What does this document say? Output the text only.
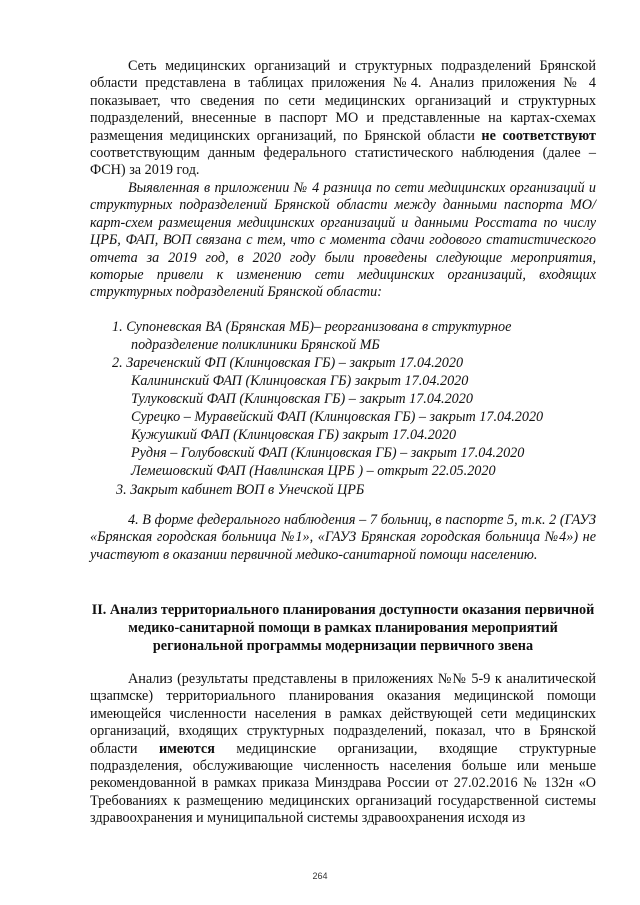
Сеть медицинских организаций и структурных подразделений Брянской области представлена в таблицах приложения №4. Анализ приложения № 4 показывает, что сведения по сети медицинских организаций и структурных подразделений, внесенные в паспорт МО и представленные на картах-схемах размещения медицинских организаций, по Брянской области не соответствуют соответствующим данным федерального статистического наблюдения (далее – ФСН) за 2019 год.

Выявленная в приложении № 4 разница по сети медицинских организаций и структурных подразделений Брянской области между данными паспорта МО/карт-схем размещения медицинских организаций и данными Росстата по числу ЦРБ, ФАП, ВОП связана с тем, что с момента сдачи годового статистического отчета за 2019 год, в 2020 году были проведены следующие мероприятия, которые привели к изменению сети медицинских организаций, входящих структурных подразделений Брянской области:

1. Супоневская ВА (Брянская МБ)– реорганизована в структурное

подразделение поликлиники Брянской МБ

2. Зареченский ФП (Клинцовская ГБ) – закрыт 17.04.2020

Калининский ФАП (Клинцовская ГБ) закрыт 17.04.2020

Тулуковский ФАП (Клинцовская ГБ) – закрыт 17.04.2020

Сурецко – Муравейский ФАП (Клинцовская ГБ) – закрыт 17.04.2020

Кужушкий ФАП (Клинцовская ГБ) закрыт 17.04.2020

Рудня – Голубовский ФАП (Клинцовская ГБ) – закрыт 17.04.2020

Лемешовский ФАП (Навлинская ЦРБ ) – открыт 22.05.2020

3. Закрыт кабинет ВОП в Унечской ЦРБ

4. В форме федерального наблюдения – 7 больниц, в паспорте 5, т.к. 2 (ГАУЗ «Брянская городская больница №1», «ГАУЗ Брянская городская больница №4») не участвуют в оказании первичной медико-санитарной помощи населению.

II. Анализ территориального планирования доступности оказания первичной медико-санитарной помощи в рамках планирования мероприятий региональной программы модернизации первичного звена

Анализ (результаты представлены в приложениях №№ 5-9 к аналитической щзапмске) территориального планирования оказания медицинской помощи имеющейся численности населения в рамках действующей сети медицинских организаций, входящих структурных подразделений, показал, что в Брянской области имеются медицинские организации, входящие структурные подразделения, обслуживающие численность населения больше или меньше рекомендованной в рамках приказа Минздрава России от 27.02.2016 № 132н «О Требованиях к размещению медицинских организаций государственной системы здравоохранения и муниципальной системы здравоохранения исходя из

264
